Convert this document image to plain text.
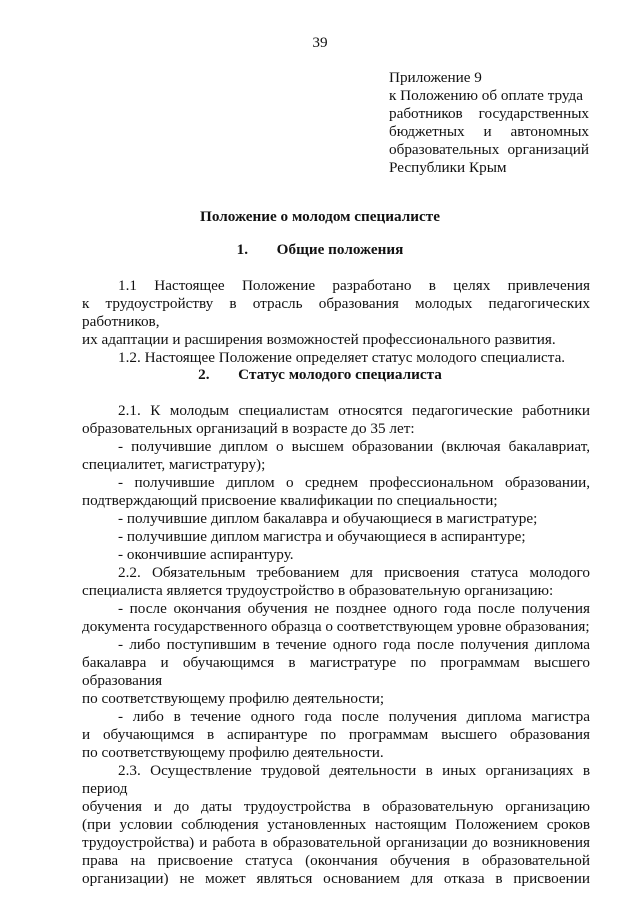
39
Приложение 9
к Положению об оплате труда
работников государственных
бюджетных и автономных
образовательных организаций
Республики Крым
Положение о молодом специалисте
1. Общие положения

1.1 Настоящее Положение разработано в целях привлечения
к трудоустройству в отрасль образования молодых педагогических работников,
их адаптации и расширения возможностей профессионального развития.

1.2. Настоящее Положение определяет статус молодого специалиста.

2. Статус молодого специалиста

2.1. К молодым специалистам относятся педагогические работники
образовательных организаций в возрасте до 35 лет:

- получившие диплом о высшем образовании (включая бакалавриат,
специалитет, магистратуру);

- получившие диплом о среднем профессиональном образовании,
подтверждающий присвоение квалификации по специальности;

- получившие диплом бакалавра и обучающиеся в магистратуре;

- получившие диплом магистра и обучающиеся в аспирантуре;

- окончившие аспирантуру.

2.2. Обязательным требованием для присвоения статуса молодого
специалиста является трудоустройство в образовательную организацию:

- после окончания обучения не позднее одного года после получения
документа государственного образца о соответствующем уровне образования;

- либо поступившим в течение одного года после получения диплома
бакалавра и обучающимся в магистратуре по программам высшего образования
по соответствующему профилю деятельности;

- либо в течение одного года после получения диплома магистра
и обучающимся в аспирантуре по программам высшего образования
по соответствующему профилю деятельности.

2.3. Осуществление трудовой деятельности в иных организациях в период
обучения и до даты трудоустройства в образовательную организацию
(при условии соблюдения установленных настоящим Положением сроков
трудоустройства) и работа в образовательной организации до возникновения
права на присвоение статуса (окончания обучения в образовательной
организации) не может являться основанием для отказа в присвоении
